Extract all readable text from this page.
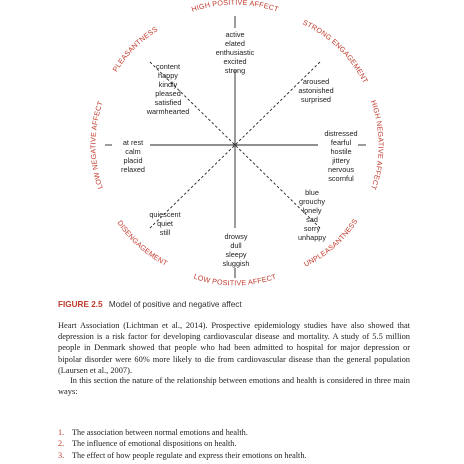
HIGH POSITIVE AFFECT
LOW POSITIVE AFFECT
LOW NEGATIVE AFFECT	HIGH NEGATIVE AFFECT
PLEASANTNESS
STRONG ENGAGEMENT
DISENGAGEMENT	UNPLEASANTNESS
active
elated
enthusiastic
excited
strong
content
happy
kindly
pleased
satisfied
warmhearted
aroused
astonished
surprised
at rest
calm
placid
relaxed
distressed
fearful
hostile
jittery
nervous
scornful
blue
grouchy
lonely
sad
sorry
unhappy
quiescent
quiet
still	drowsy
dull
sleepy
sluggish
FIGURE 2.5 Model of positive and negative affect

Heart Association (Lichtman et al., 2014). Prospective epidemiology studies have also showed that depression is a risk factor for developing cardiovascular disease and mortality. A study of 5.5 million people in Denmark showed that people who had been admitted to hospital for major depression or bipolar disorder were 60% more likely to die from cardiovascular disease than the general population (Laursen et al., 2007).

In this section the nature of the relationship between emotions and health is considered in three main ways:

1. The association between normal emotions and health.
2. The influence of emotional dispositions on health.
3. The effect of how people regulate and express their emotions on health.
